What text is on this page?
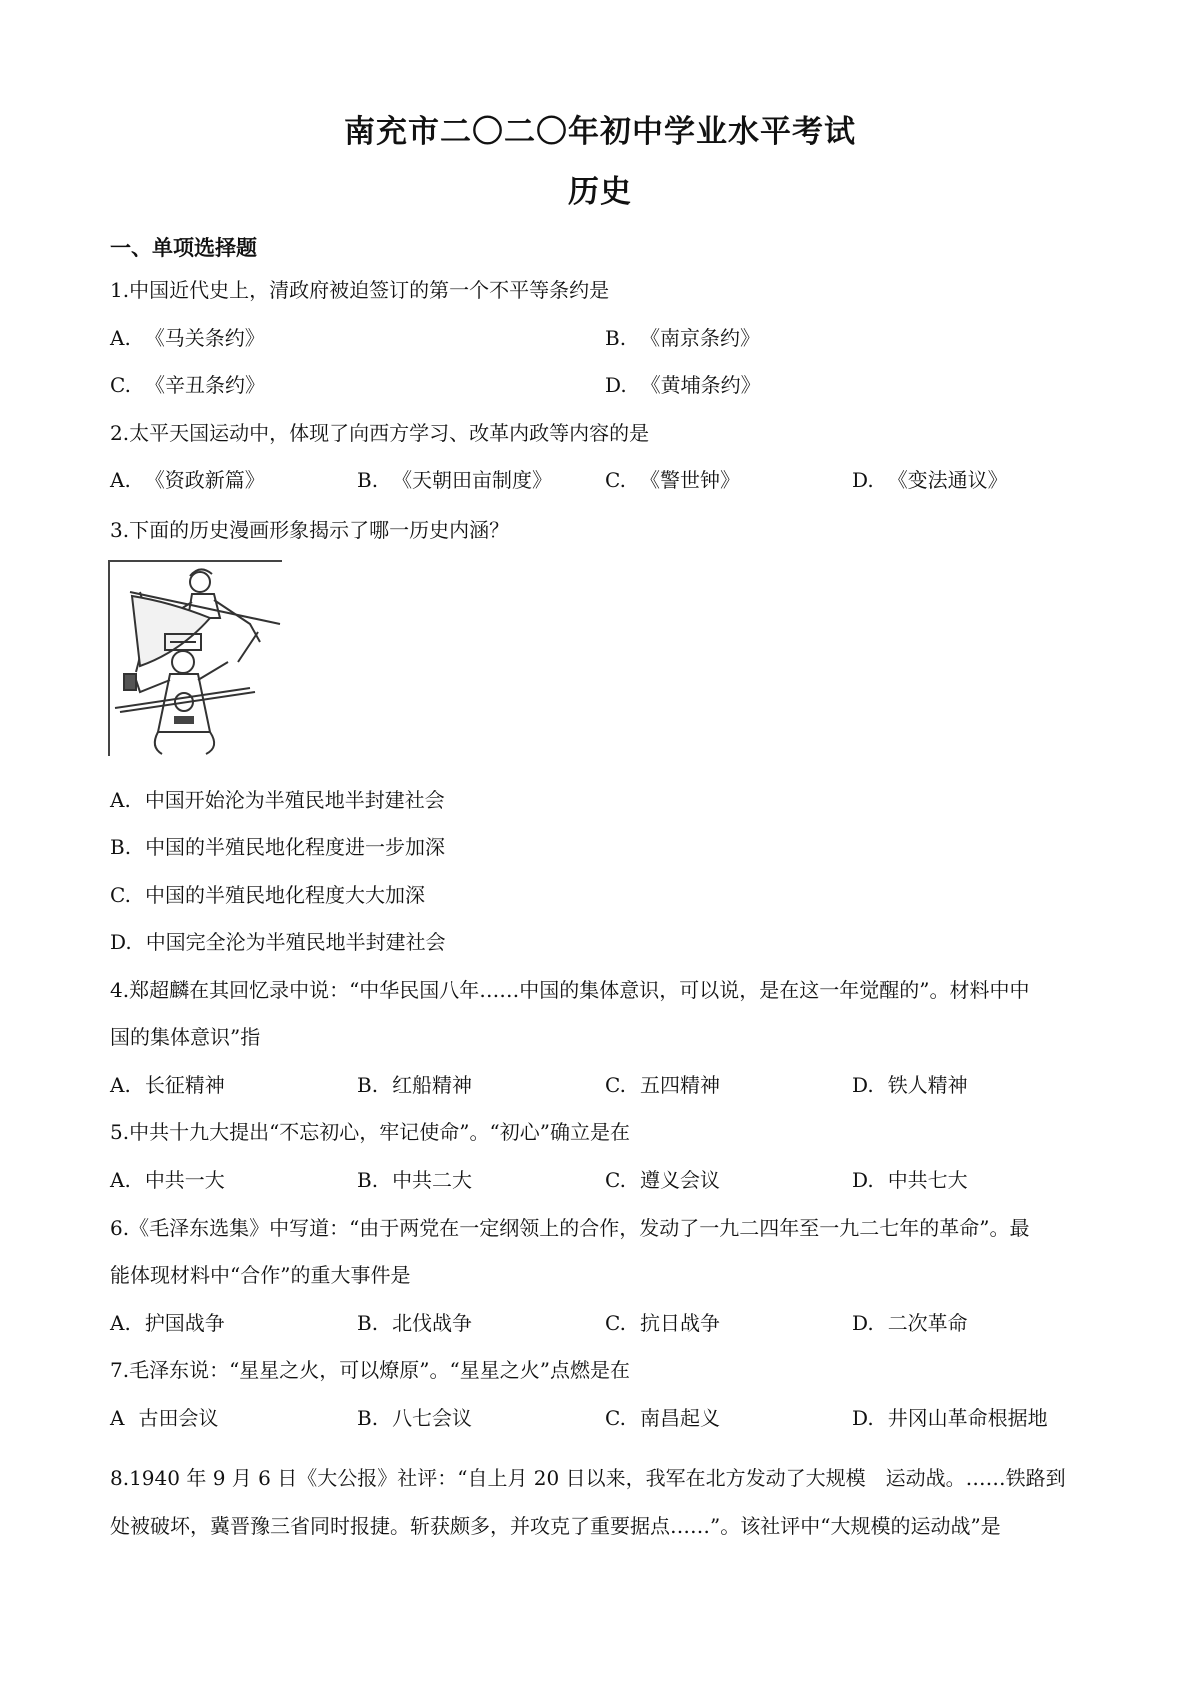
南充市二〇二〇年初中学业水平考试
历史
一、单项选择题
1.中国近代史上，清政府被迫签订的第一个不平等条约是
A. 《马关条约》	B. 《南京条约》
C. 《辛丑条约》	D. 《黄埔条约》
2.太平天国运动中，体现了向西方学习、改革内政等内容的是
A. 《资政新篇》	B. 《天朝田亩制度》	C. 《警世钟》	D. 《变法通议》
3.下面的历史漫画形象揭示了哪一历史内涵？
A. 中国开始沦为半殖民地半封建社会
B. 中国的半殖民地化程度进一步加深
C. 中国的半殖民地化程度大大加深
D. 中国完全沦为半殖民地半封建社会
4.郑超麟在其回忆录中说：“中华民国八年……中国的集体意识，可以说，是在这一年觉醒的”。材料中中
国的集体意识”指
A. 长征精神	B. 红船精神	C. 五四精神	D. 铁人精神
5.中共十九大提出“不忘初心，牢记使命”。“初心”确立是在
A. 中共一大	B. 中共二大	C. 遵义会议	D. 中共七大
6.《毛泽东选集》中写道：“由于两党在一定纲领上的合作，发动了一九二四年至一九二七年的革命”。最
能体现材料中“合作”的重大事件是
A. 护国战争	B. 北伐战争	C. 抗日战争	D. 二次革命
7.毛泽东说：“星星之火，可以燎原”。“星星之火”点燃是在
A 古田会议	B. 八七会议	C. 南昌起义	D. 井冈山革命根据地
8.1940 年 9 月 6 日《大公报》社评：“自上月 20 日以来，我军在北方发动了大规模　运动战。……铁路到
处被破坏，冀晋豫三省同时报捷。斩获颇多，并攻克了重要据点……”。该社评中“大规模的运动战”是
